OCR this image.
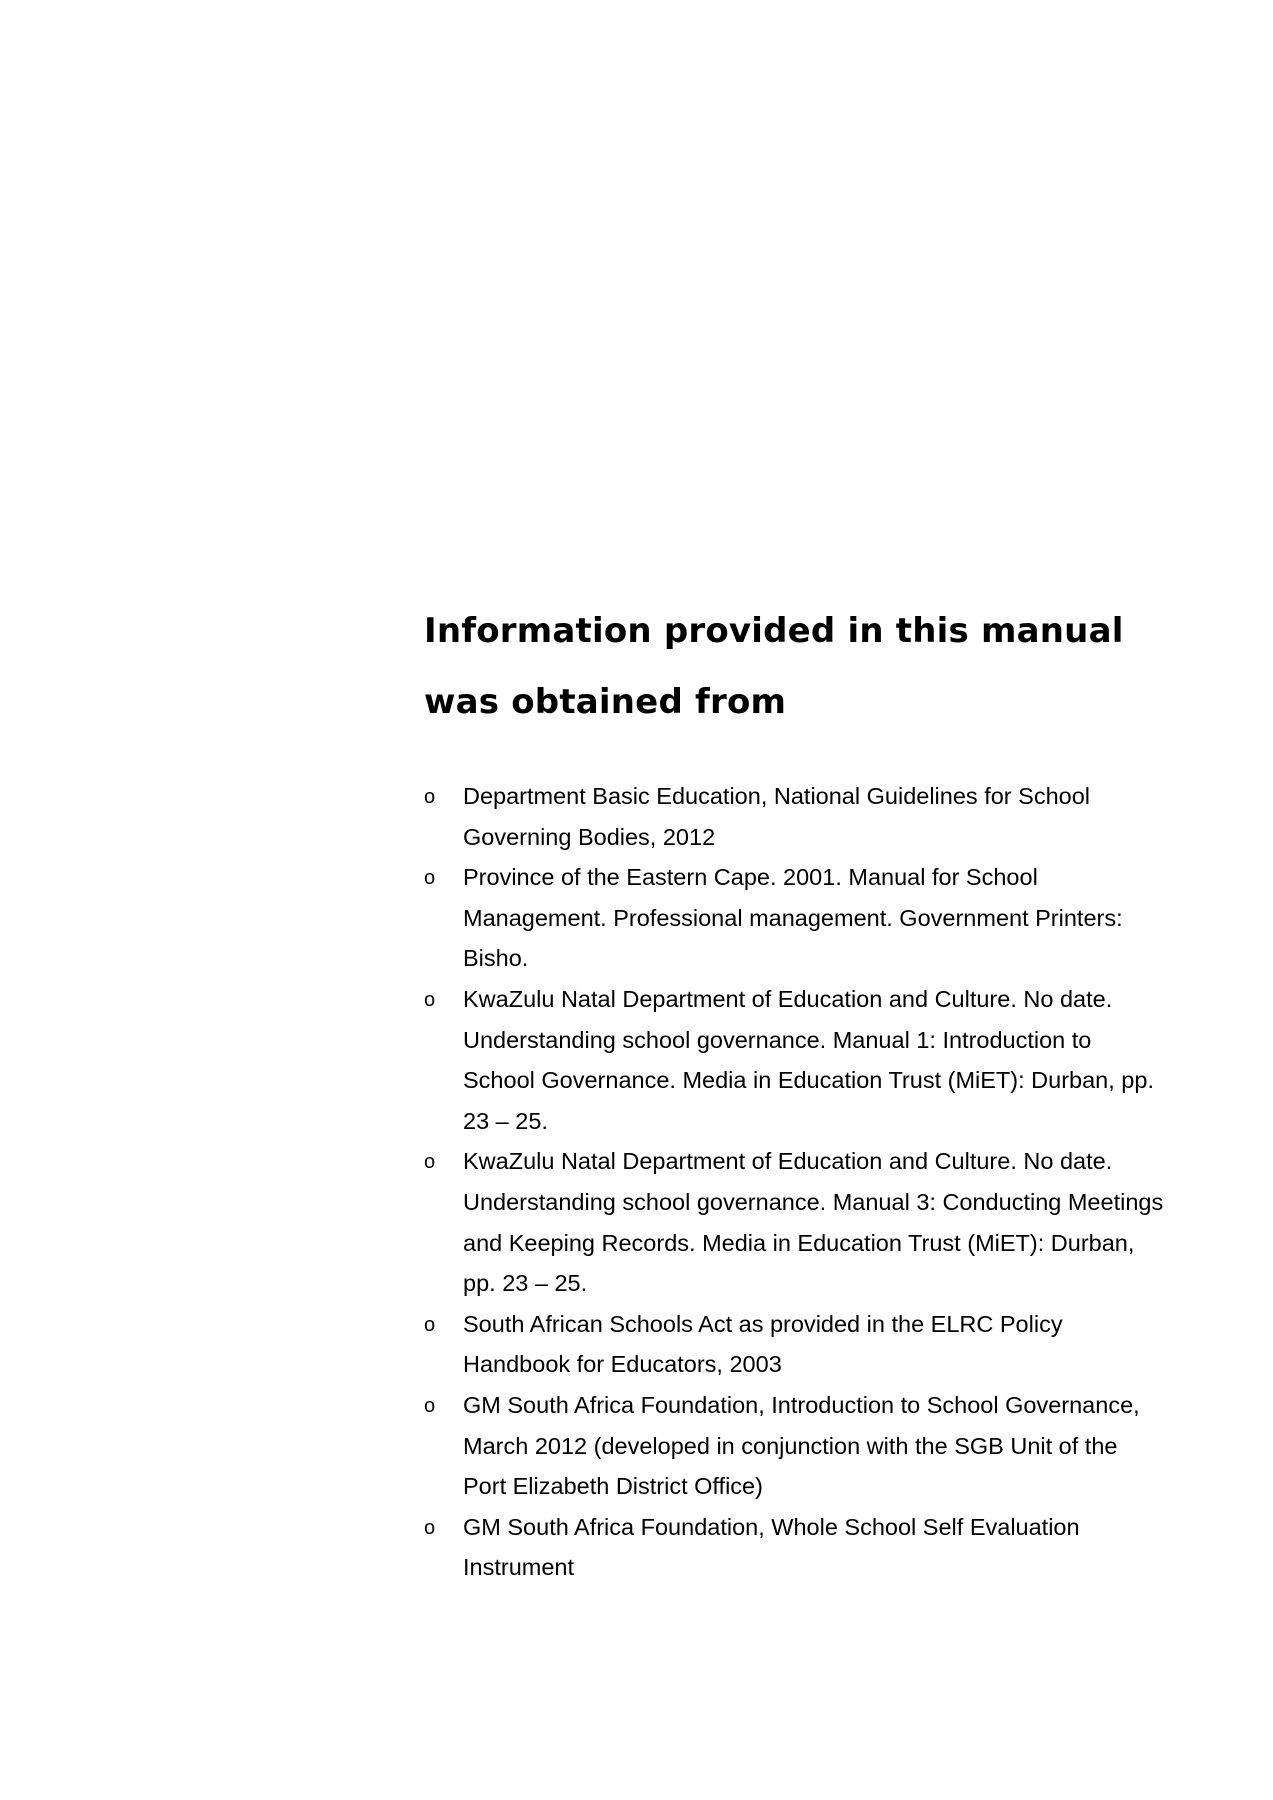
Information provided in this manual was obtained from
o	Department Basic Education, National Guidelines for School Governing Bodies, 2012
o	Province of the Eastern Cape. 2001. Manual for School Management. Professional management. Government Printers: Bisho.
o	KwaZulu Natal Department of Education and Culture. No date. Understanding school governance. Manual 1: Introduction to School Governance. Media in Education Trust (MiET): Durban, pp. 23 – 25.
o	KwaZulu Natal Department of Education and Culture. No date. Understanding school governance. Manual 3: Conducting Meetings and Keeping Records. Media in Education Trust (MiET): Durban, pp. 23 – 25.
o	South African Schools Act as provided in the ELRC Policy Handbook for Educators, 2003
o	GM South Africa Foundation, Introduction to School Governance, March 2012 (developed in conjunction with the SGB Unit of the Port Elizabeth District Office)
o	GM South Africa Foundation, Whole School Self Evaluation Instrument
